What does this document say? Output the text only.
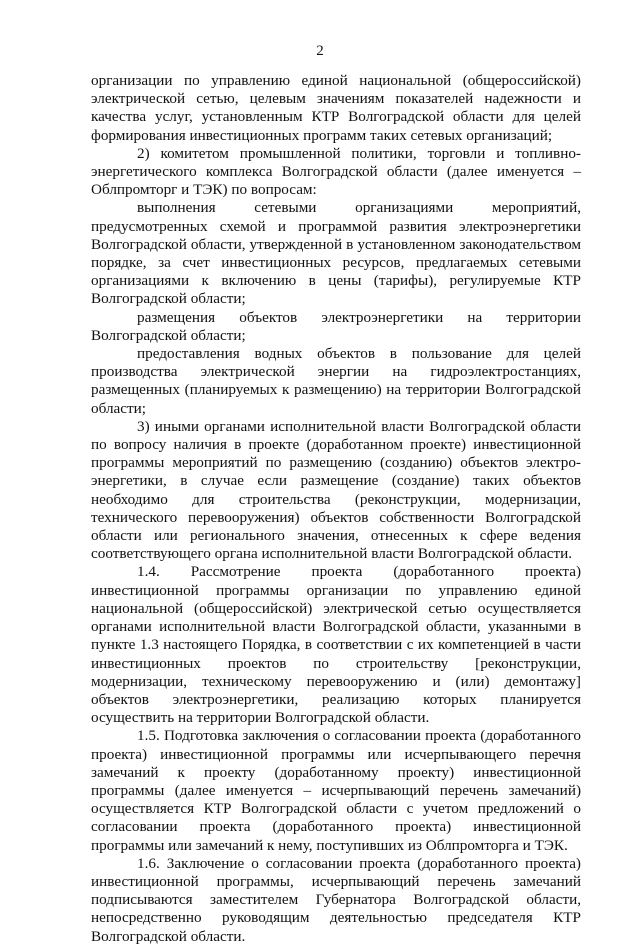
2

организации по управлению единой национальной (общероссийской) электрической сетью, целевым значениям показателей надежности и качества услуг, установленным КТР Волгоградской области для целей формирования инвестиционных программ таких сетевых организаций;

2) комитетом промышленной политики, торговли и топливно-энергетического комплекса Волгоградской области (далее именуется – Облпромторг и ТЭК) по вопросам:

выполнения сетевыми организациями мероприятий, предусмотренных схемой и программой развития электроэнергетики Волгоградской области, утвержденной в установленном законодательством порядке, за счет инвестиционных ресурсов, предлагаемых сетевыми организациями к включению в цены (тарифы), регулируемые КТР Волгоградской области;

размещения объектов электроэнергетики на территории Волгоградской области;

предоставления водных объектов в пользование для целей производства электрической энергии на гидроэлектростанциях, размещенных (планируемых к размещению) на территории Волгоградской области;

3) иными органами исполнительной власти Волгоградской области по вопросу наличия в проекте (доработанном проекте) инвестиционной программы мероприятий по размещению (созданию) объектов электро-энергетики, в случае если размещение (создание) таких объектов необходимо для строительства (реконструкции, модернизации, технического перевооружения) объектов собственности Волгоградской области или регионального значения, отнесенных к сфере ведения соответствующего органа исполнительной власти Волгоградской области.

1.4. Рассмотрение проекта (доработанного проекта) инвестиционной программы организации по управлению единой национальной (общероссийской) электрической сетью осуществляется органами исполнительной власти Волгоградской области, указанными в пункте 1.3 настоящего Порядка, в соответствии с их компетенцией в части инвестиционных проектов по строительству [реконструкции, модернизации, техническому перевооружению и (или) демонтажу] объектов электроэнергетики, реализацию которых планируется осуществить на территории Волгоградской области.

1.5. Подготовка заключения о согласовании проекта (доработанного проекта) инвестиционной программы или исчерпывающего перечня замечаний к проекту (доработанному проекту) инвестиционной программы (далее именуется – исчерпывающий перечень замечаний) осуществляется КТР Волгоградской области с учетом предложений о согласовании проекта (доработанного проекта) инвестиционной программы или замечаний к нему, поступивших из Облпромторга и ТЭК.

1.6. Заключение о согласовании проекта (доработанного проекта) инвестиционной программы, исчерпывающий перечень замечаний подписываются заместителем Губернатора Волгоградской области, непосредственно руководящим деятельностью председателя КТР Волгоградской области.
